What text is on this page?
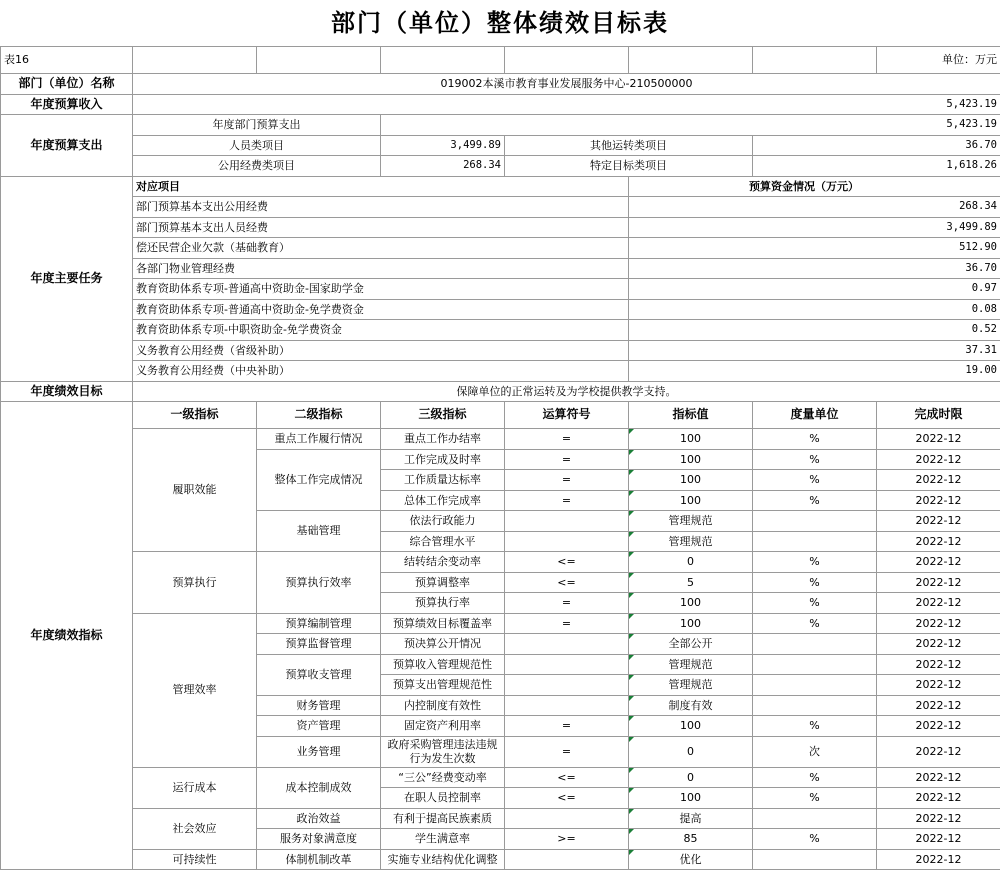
部门（单位）整体绩效目标表
表16							单位：万元
部门（单位）名称	019002本溪市教育事业发展服务中心-210500000						
年度预算收入	5,423.19						
年度预算支出	年度部门预算支出		5,423.19				
	人员类项目		3,499.89	其他运转类项目		36.70	
	公用经费类项目		268.34	特定目标类项目		1,618.26	
年度主要任务	对应项目				预算资金情况（万元）		
	部门预算基本支出公用经费				268.34		
	部门预算基本支出人员经费				3,499.89		
	偿还民营企业欠款（基础教育）				512.90		
	各部门物业管理经费				36.70		
	教育资助体系专项-普通高中资助金-国家助学金				0.97		
	教育资助体系专项-普通高中资助金-免学费资金				0.08		
	教育资助体系专项-中职资助金-免学费资金				0.52		
	义务教育公用经费（省级补助）				37.31		
	义务教育公用经费（中央补助）				19.00		
年度绩效目标	保障单位的正常运转及为学校提供教学支持。						
年度绩效指标	一级指标	二级指标	三级指标	运算符号	指标值	度量单位	完成时限
	履职效能	重点工作履行情况	重点工作办结率	=	100	%	2022-12
		整体工作完成情况	工作完成及时率	=	100	%	2022-12
			工作质量达标率	=	100	%	2022-12
			总体工作完成率	=	100	%	2022-12
		基础管理	依法行政能力		管理规范		2022-12
			综合管理水平		管理规范		2022-12
	预算执行	预算执行效率	结转结余变动率	<=	0	%	2022-12
			预算调整率	<=	5	%	2022-12
			预算执行率	=	100	%	2022-12
	管理效率	预算编制管理	预算绩效目标覆盖率	=	100	%	2022-12
		预算监督管理	预决算公开情况		全部公开		2022-12
		预算收支管理	预算收入管理规范性		管理规范		2022-12
			预算支出管理规范性		管理规范		2022-12
		财务管理	内控制度有效性		制度有效		2022-12
		资产管理	固定资产利用率	=	100	%	2022-12
		业务管理	政府采购管理违法违规行为发生次数	=	0	次	2022-12
	运行成本	成本控制成效	“三公”经费变动率	<=	0	%	2022-12
			在职人员控制率	<=	100	%	2022-12
	社会效应	政治效益	有利于提高民族素质		提高		2022-12
		服务对象满意度	学生满意率	>=	85	%	2022-12
	可持续性	体制机制改革	实施专业结构优化调整		优化		2022-12
